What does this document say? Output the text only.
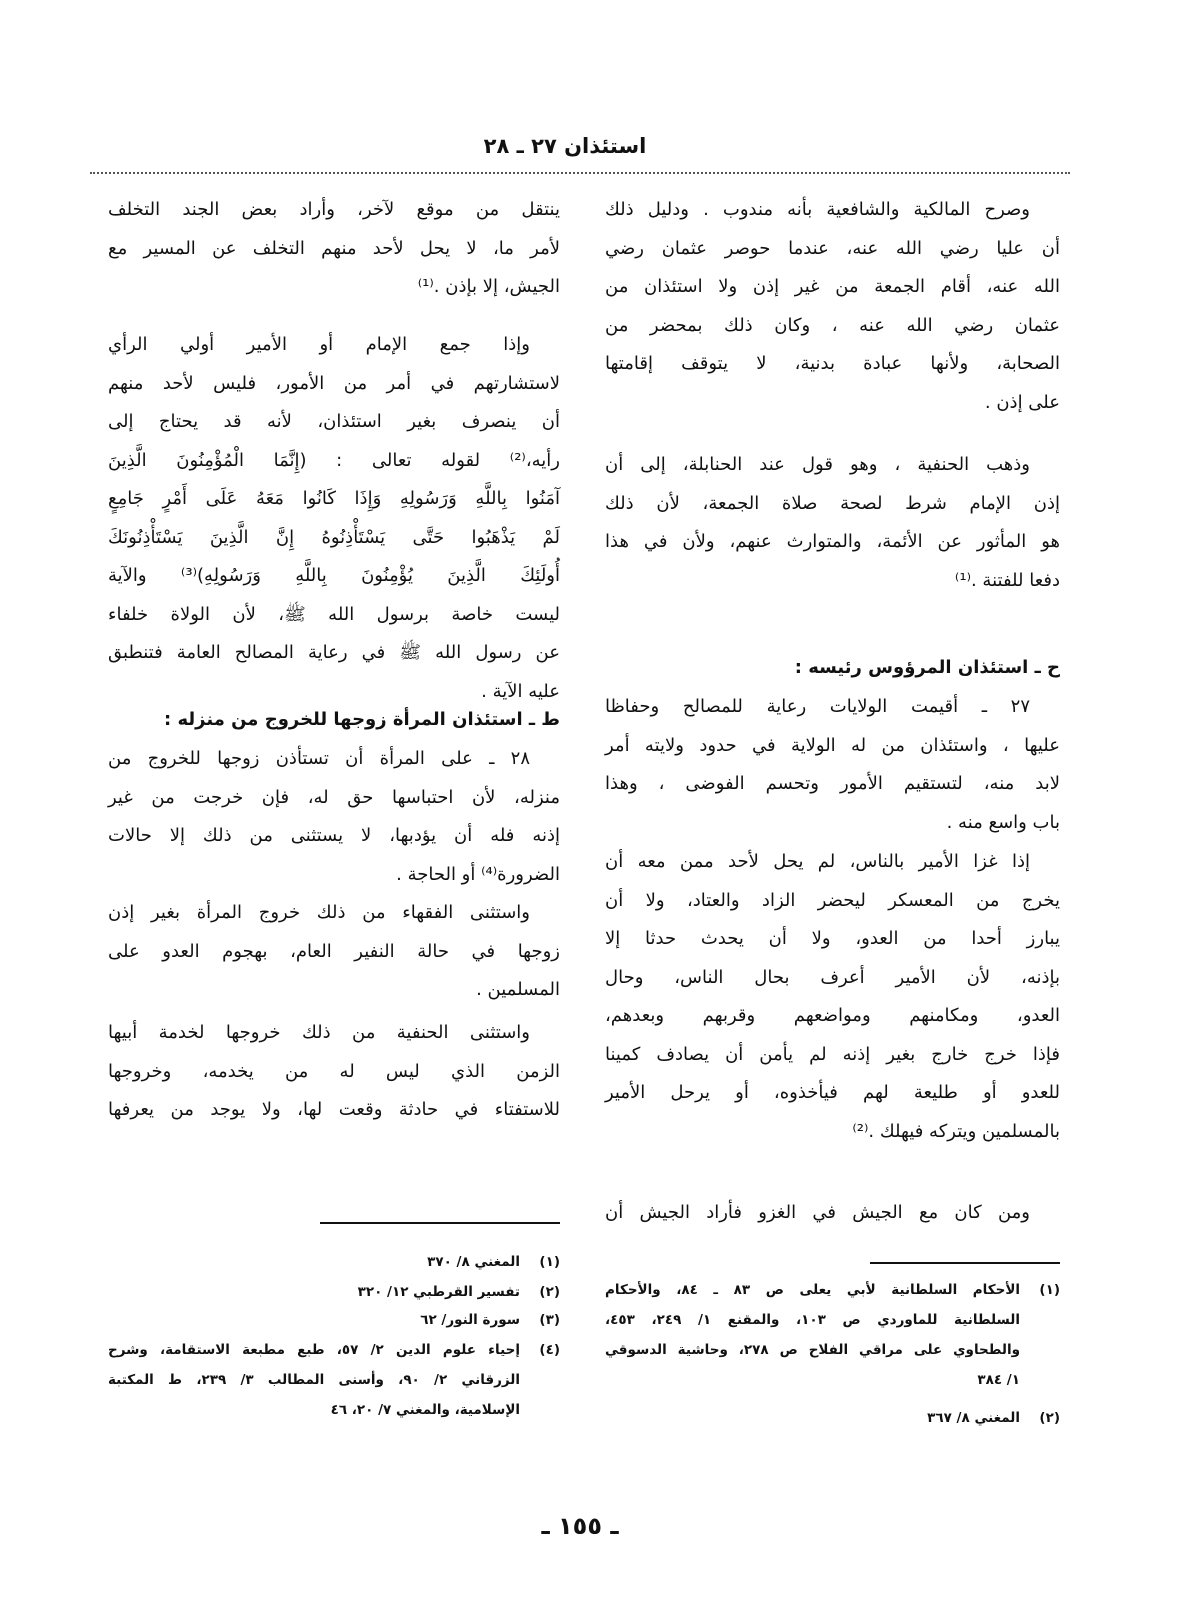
استئذان ٢٧ ـ ٢٨
وصرح المالكية والشافعية بأنه مندوب . ودليل ذلك
أن عليا رضي الله عنه، عندما حوصر عثمان رضي
الله عنه، أقام الجمعة من غير إذن ولا استئذان من
عثمان رضي الله عنه ، وكان ذلك بمحضر من
الصحابة، ولأنها عبادة بدنية، لا يتوقف إقامتها
على إذن .
وذهب الحنفية ، وهو قول عند الحنابلة، إلى أن
إذن الإمام شرط لصحة صلاة الجمعة، لأن ذلك
هو المأثور عن الأئمة، والمتوارث عنهم، ولأن في هذا
دفعا للفتنة .⁽¹⁾
ح ـ استئذان المرؤوس رئيسه :
٢٧ ـ أقيمت الولايات رعاية للمصالح وحفاظا
عليها ، واستئذان من له الولاية في حدود ولايته أمر
لابد منه، لتستقيم الأمور وتحسم الفوضى ، وهذا
باب واسع منه .
إذا غزا الأمير بالناس، لم يحل لأحد ممن معه أن
يخرج من المعسكر ليحضر الزاد والعتاد، ولا أن
يبارز أحدا من العدو، ولا أن يحدث حدثا إلا
بإذنه، لأن الأمير أعرف بحال الناس، وحال
العدو، ومكامنهم ومواضعهم وقربهم وبعدهم،
فإذا خرج خارج بغير إذنه لم يأمن أن يصادف كمينا
للعدو أو طليعة لهم فيأخذوه، أو يرحل الأمير
بالمسلمين ويتركه فيهلك .⁽²⁾
ومن كان مع الجيش في الغزو فأراد الجيش أن
(١)الأحكام السلطانية لأبي يعلى ص ٨٣ ـ ٨٤، والأحكام
السلطانية للماوردي ص ١٠٣، والمقنع ١/ ٢٤٩، ٤٥٣،
والطحاوي على مراقي الفلاح ص ٢٧٨، وحاشية الدسوقي
١/ ٣٨٤
(٢)المغني ٨/ ٣٦٧
ينتقل من موقع لآخر، وأراد بعض الجند التخلف
لأمر ما، لا يحل لأحد منهم التخلف عن المسير مع
الجيش، إلا بإذن .⁽¹⁾
وإذا جمع الإمام أو الأمير أولي الرأي
لاستشارتهم في أمر من الأمور، فليس لأحد منهم
أن ينصرف بغير استئذان، لأنه قد يحتاج إلى
رأيه،⁽²⁾ لقوله تعالى : (إِنَّمَا الْمُؤْمِنُونَ الَّذِينَ
آمَنُوا بِاللَّهِ وَرَسُولِهِ وَإِذَا كَانُوا مَعَهُ عَلَى أَمْرٍ جَامِعٍ
لَمْ يَذْهَبُوا حَتَّى يَسْتَأْذِنُوهُ إِنَّ الَّذِينَ يَسْتَأْذِنُونَكَ
أُولَئِكَ الَّذِينَ يُؤْمِنُونَ بِاللَّهِ وَرَسُولِهِ)⁽³⁾ والآية
ليست خاصة برسول الله ﷺ، لأن الولاة خلفاء
عن رسول الله ﷺ في رعاية المصالح العامة فتنطبق
عليه الآية .
ط ـ استئذان المرأة زوجها للخروج من منزله :
٢٨ ـ على المرأة أن تستأذن زوجها للخروج من
منزله، لأن احتباسها حق له، فإن خرجت من غير
إذنه فله أن يؤدبها، لا يستثنى من ذلك إلا حالات
الضرورة⁽⁴⁾ أو الحاجة .
واستثنى الفقهاء من ذلك خروج المرأة بغير إذن
زوجها في حالة النفير العام، بهجوم العدو على
المسلمين .
واستثنى الحنفية من ذلك خروجها لخدمة أبيها
الزمن الذي ليس له من يخدمه، وخروجها
للاستفتاء في حادثة وقعت لها، ولا يوجد من يعرفها
(١)المغني ٨/ ٣٧٠
(٢)تفسير القرطبي ١٢/ ٣٢٠
(٣)سورة النور/ ٦٢
(٤)إحياء علوم الدين ٢/ ٥٧، طبع مطبعة الاستقامة، وشرح
الزرقاني ٢/ ٩٠، وأسنى المطالب ٣/ ٢٣٩، ط المكتبة
الإسلامية، والمغني ٧/ ٢٠، ٤٦
ـ ١٥٥ ـ
